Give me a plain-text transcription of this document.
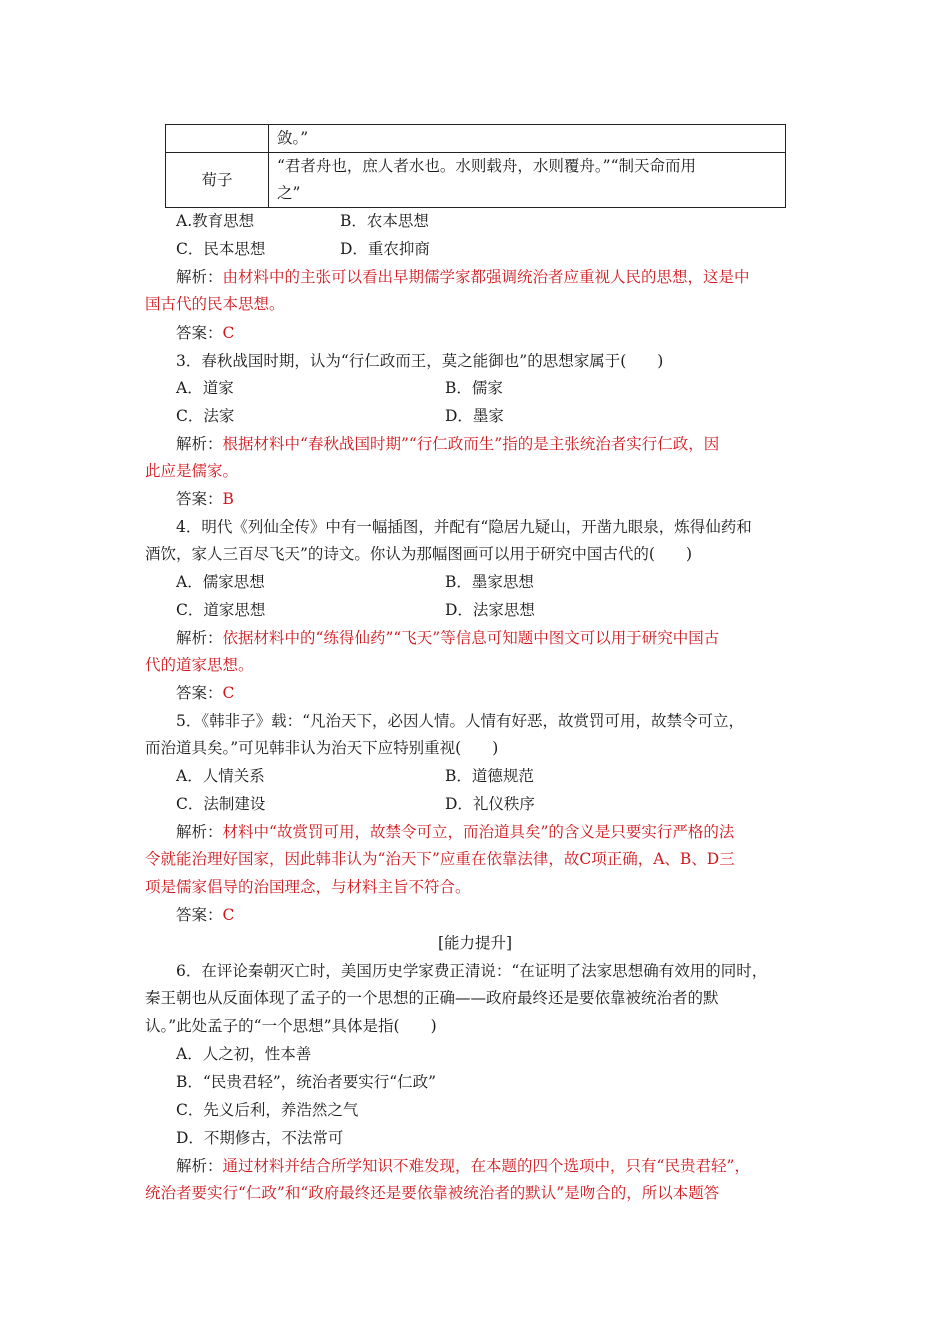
	敛。”
荀子	“君者舟也，庶人者水也。水则载舟，水则覆舟。”“制天命而用
之”
A.教育思想	B．农本思想
C．民本思想	D．重农抑商
解析：由材料中的主张可以看出早期儒学家都强调统治者应重视人民的思想，这是中
国古代的民本思想。
答案：C
3．春秋战国时期，认为“行仁政而王，莫之能御也”的思想家属于(　　)
A．道家	B．儒家
C．法家	D．墨家
解析：根据材料中“春秋战国时期”“行仁政而生”指的是主张统治者实行仁政，因
此应是儒家。
答案：B
4．明代《列仙全传》中有一幅插图，并配有“隐居九疑山，开凿九眼泉，炼得仙药和
酒饮，家人三百尽飞天”的诗文。你认为那幅图画可以用于研究中国古代的(　　)
A．儒家思想	B．墨家思想
C．道家思想	D．法家思想
解析：依据材料中的“练得仙药”“飞天”等信息可知题中图文可以用于研究中国古
代的道家思想。
答案：C
5．《韩非子》载：“凡治天下，必因人情。人情有好恶，故赏罚可用，故禁令可立，
而治道具矣。”可见韩非认为治天下应特别重视(　　)
A．人情关系	B．道德规范
C．法制建设	D．礼仪秩序
解析：材料中“故赏罚可用，故禁令可立，而治道具矣”的含义是只要实行严格的法
令就能治理好国家，因此韩非认为“治天下”应重在依靠法律，故C项正确，A、B、D三
项是儒家倡导的治国理念，与材料主旨不符合。
答案：C
[能力提升]
6．在评论秦朝灭亡时，美国历史学家费正清说：“在证明了法家思想确有效用的同时，
秦王朝也从反面体现了孟子的一个思想的正确——政府最终还是要依靠被统治者的默
认。”此处孟子的“一个思想”具体是指(　　)
A．人之初，性本善
B．“民贵君轻”，统治者要实行“仁政”
C．先义后利，养浩然之气
D．不期修古，不法常可
解析：通过材料并结合所学知识不难发现，在本题的四个选项中，只有“民贵君轻”，
统治者要实行“仁政”和“政府最终还是要依靠被统治者的默认”是吻合的，所以本题答
